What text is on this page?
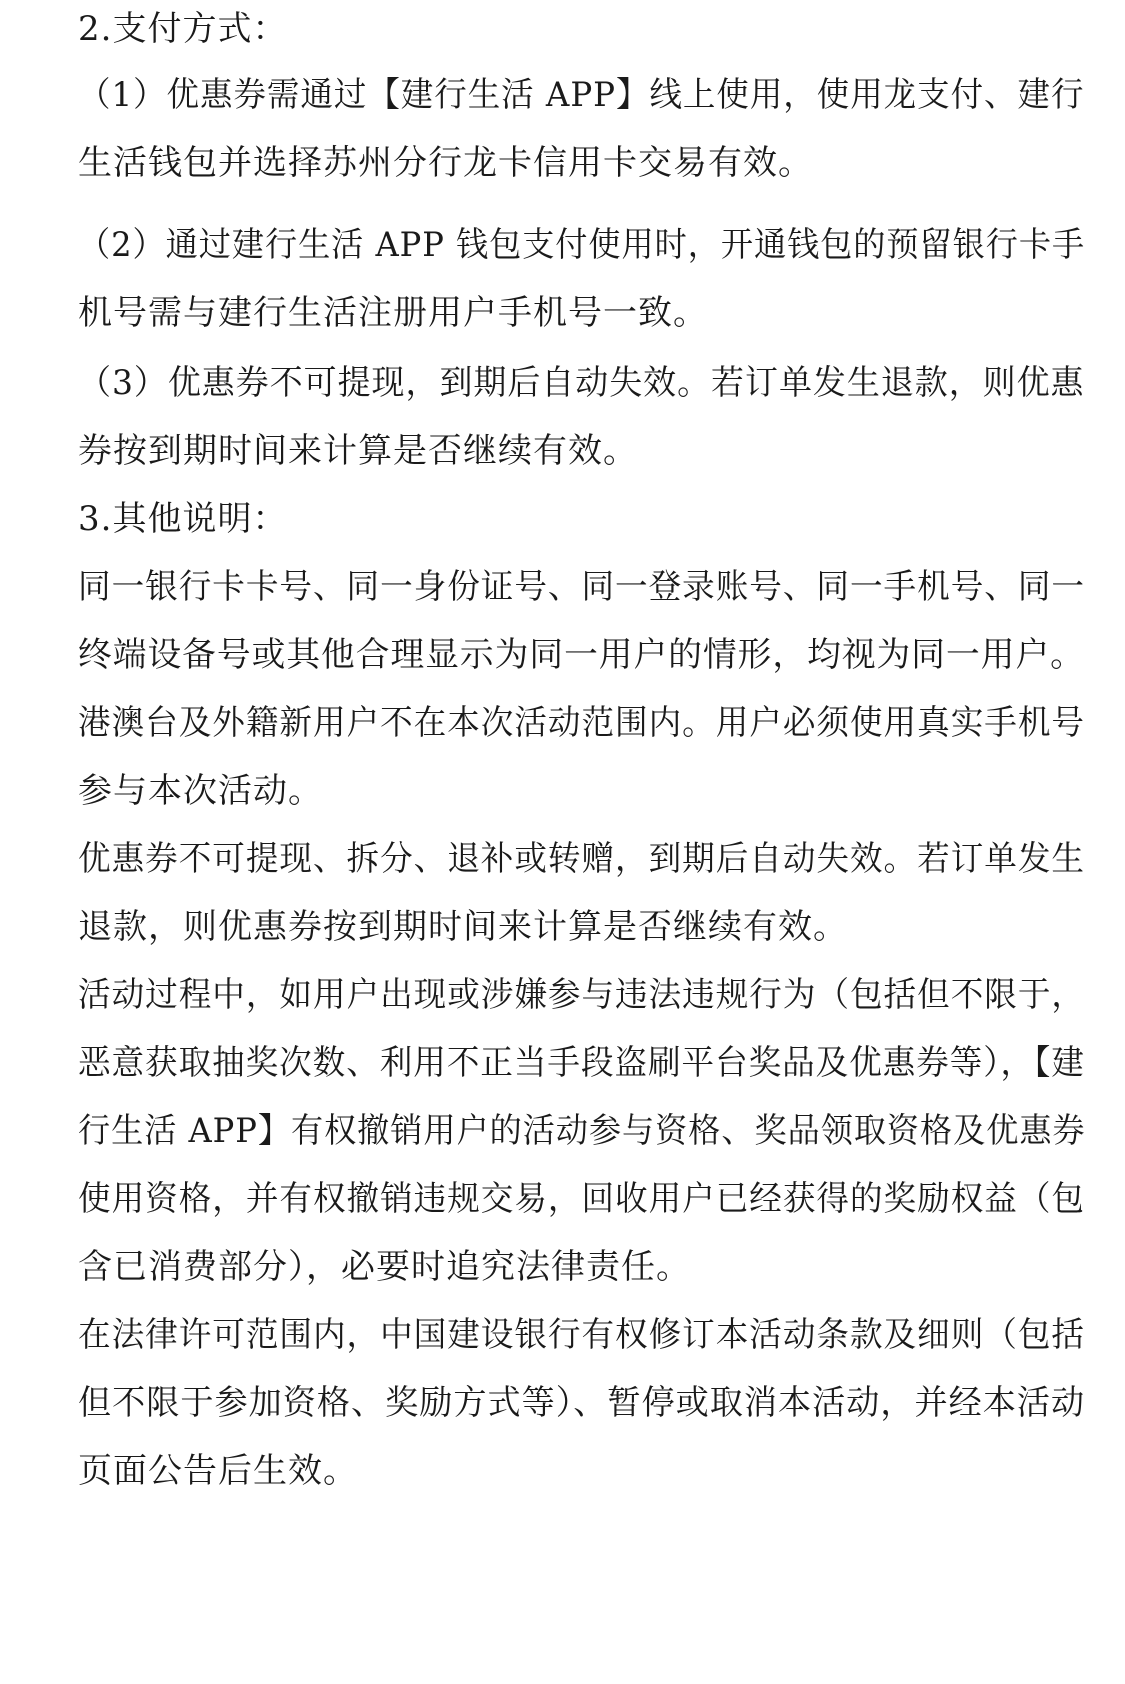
2.支付方式：

（1）优惠券需通过【建行生活 APP】线上使用，使用龙支付、建行

生活钱包并选择苏州分行龙卡信用卡交易有效。

（2）通过建行生活 APP 钱包支付使用时，开通钱包的预留银行卡手

机号需与建行生活注册用户手机号一致。

（3）优惠券不可提现，到期后自动失效。若订单发生退款，则优惠

券按到期时间来计算是否继续有效。

3.其他说明：

同一银行卡卡号、同一身份证号、同一登录账号、同一手机号、同一

终端设备号或其他合理显示为同一用户的情形，均视为同一用户。

港澳台及外籍新用户不在本次活动范围内。用户必须使用真实手机号

参与本次活动。

优惠券不可提现、拆分、退补或转赠，到期后自动失效。若订单发生

退款，则优惠券按到期时间来计算是否继续有效。

活动过程中，如用户出现或涉嫌参与违法违规行为（包括但不限于，

恶意获取抽奖次数、利用不正当手段盗刷平台奖品及优惠券等），【建

行生活 APP】有权撤销用户的活动参与资格、奖品领取资格及优惠券

使用资格，并有权撤销违规交易，回收用户已经获得的奖励权益（包

含已消费部分），必要时追究法律责任。

在法律许可范围内，中国建设银行有权修订本活动条款及细则（包括

但不限于参加资格、奖励方式等）、暂停或取消本活动，并经本活动

页面公告后生效。
